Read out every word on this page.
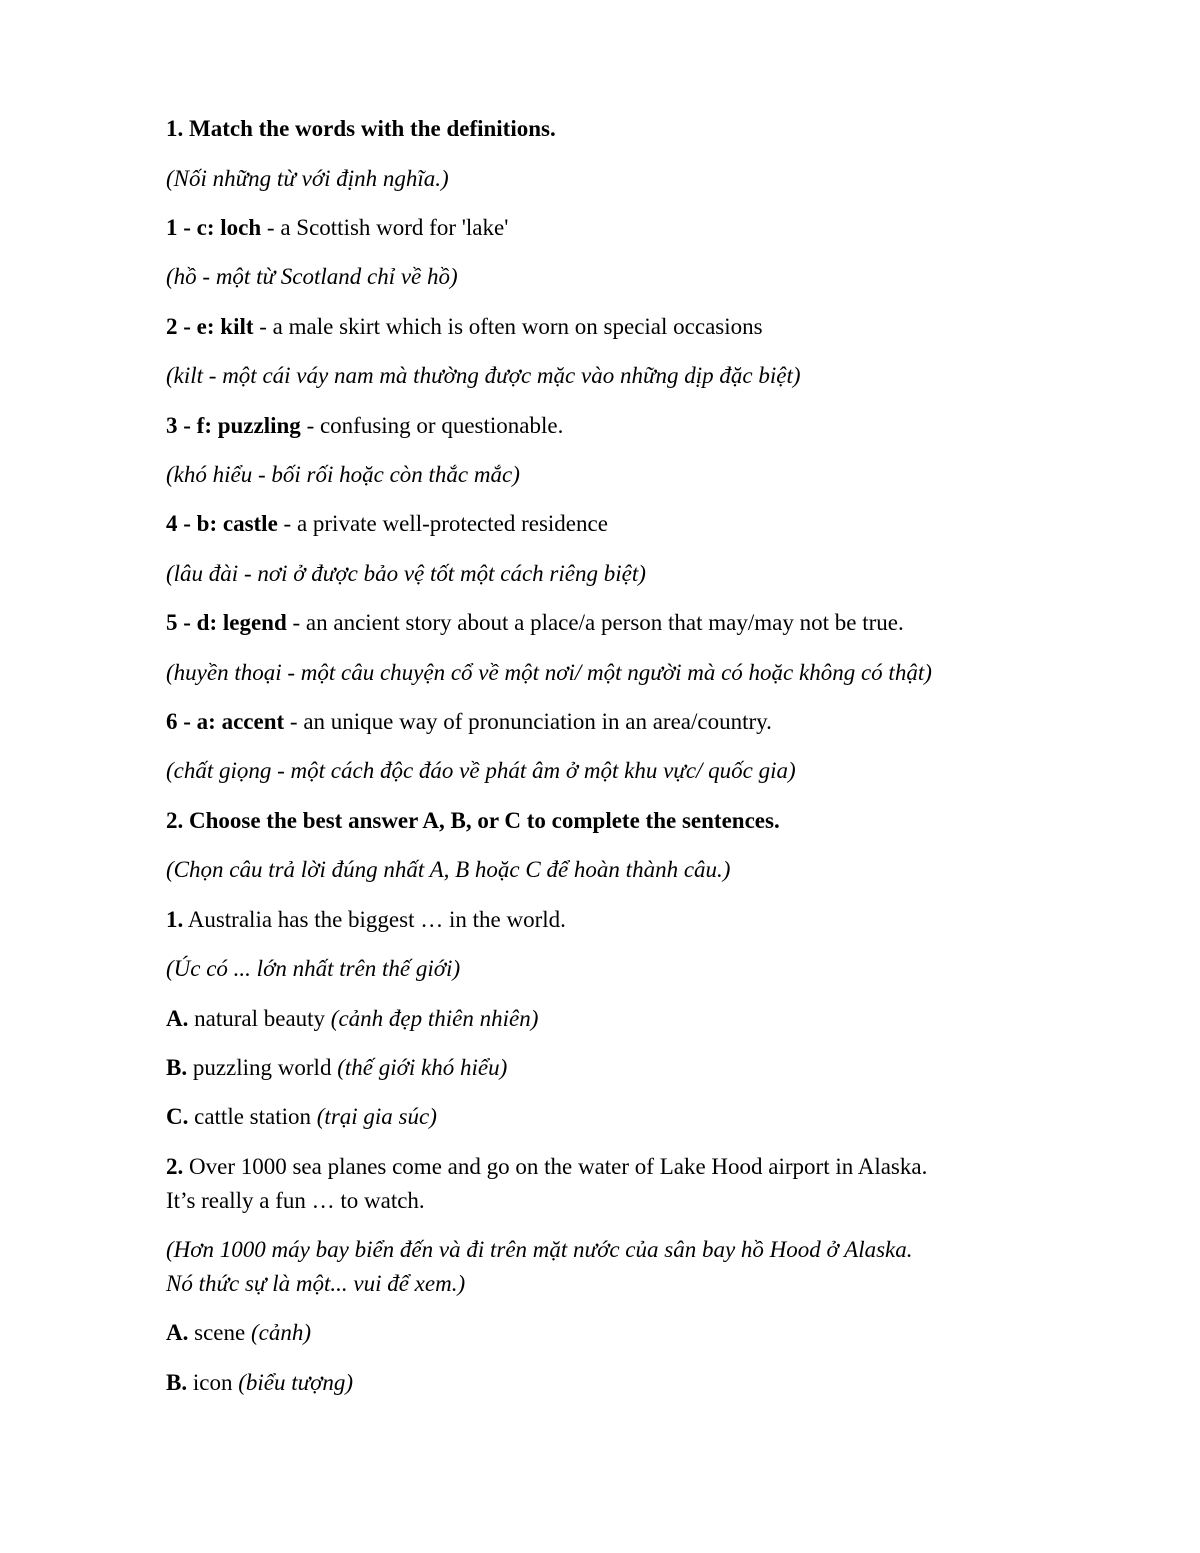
1. Match the words with the definitions.
(Nối những từ với định nghĩa.)
1 - c: loch - a Scottish word for 'lake'
(hồ - một từ Scotland chỉ về hồ)
2 - e: kilt - a male skirt which is often worn on special occasions
(kilt - một cái váy nam mà thường được mặc vào những dịp đặc biệt)
3 - f: puzzling - confusing or questionable.
(khó hiểu - bối rối hoặc còn thắc mắc)
4 - b: castle - a private well-protected residence
(lâu đài - nơi ở được bảo vệ tốt một cách riêng biệt)
5 - d: legend - an ancient story about a place/a person that may/may not be true.
(huyền thoại - một câu chuyện cổ về một nơi/ một người mà có hoặc không có thật)
6 - a: accent - an unique way of pronunciation in an area/country.
(chất giọng - một cách độc đáo về phát âm ở một khu vực/ quốc gia)
2. Choose the best answer A, B, or C to complete the sentences.
(Chọn câu trả lời đúng nhất A, B hoặc C để hoàn thành câu.)
1. Australia has the biggest … in the world.
(Úc có ... lớn nhất trên thế giới)
A. natural beauty (cảnh đẹp thiên nhiên)
B. puzzling world (thế giới khó hiểu)
C. cattle station (trại gia súc)
2. Over 1000 sea planes come and go on the water of Lake Hood airport in Alaska.
It’s really a fun … to watch.
(Hơn 1000 máy bay biển đến và đi trên mặt nước của sân bay hồ Hood ở Alaska.
Nó thức sự là một... vui để xem.)
A. scene (cảnh)
B. icon (biểu tượng)
